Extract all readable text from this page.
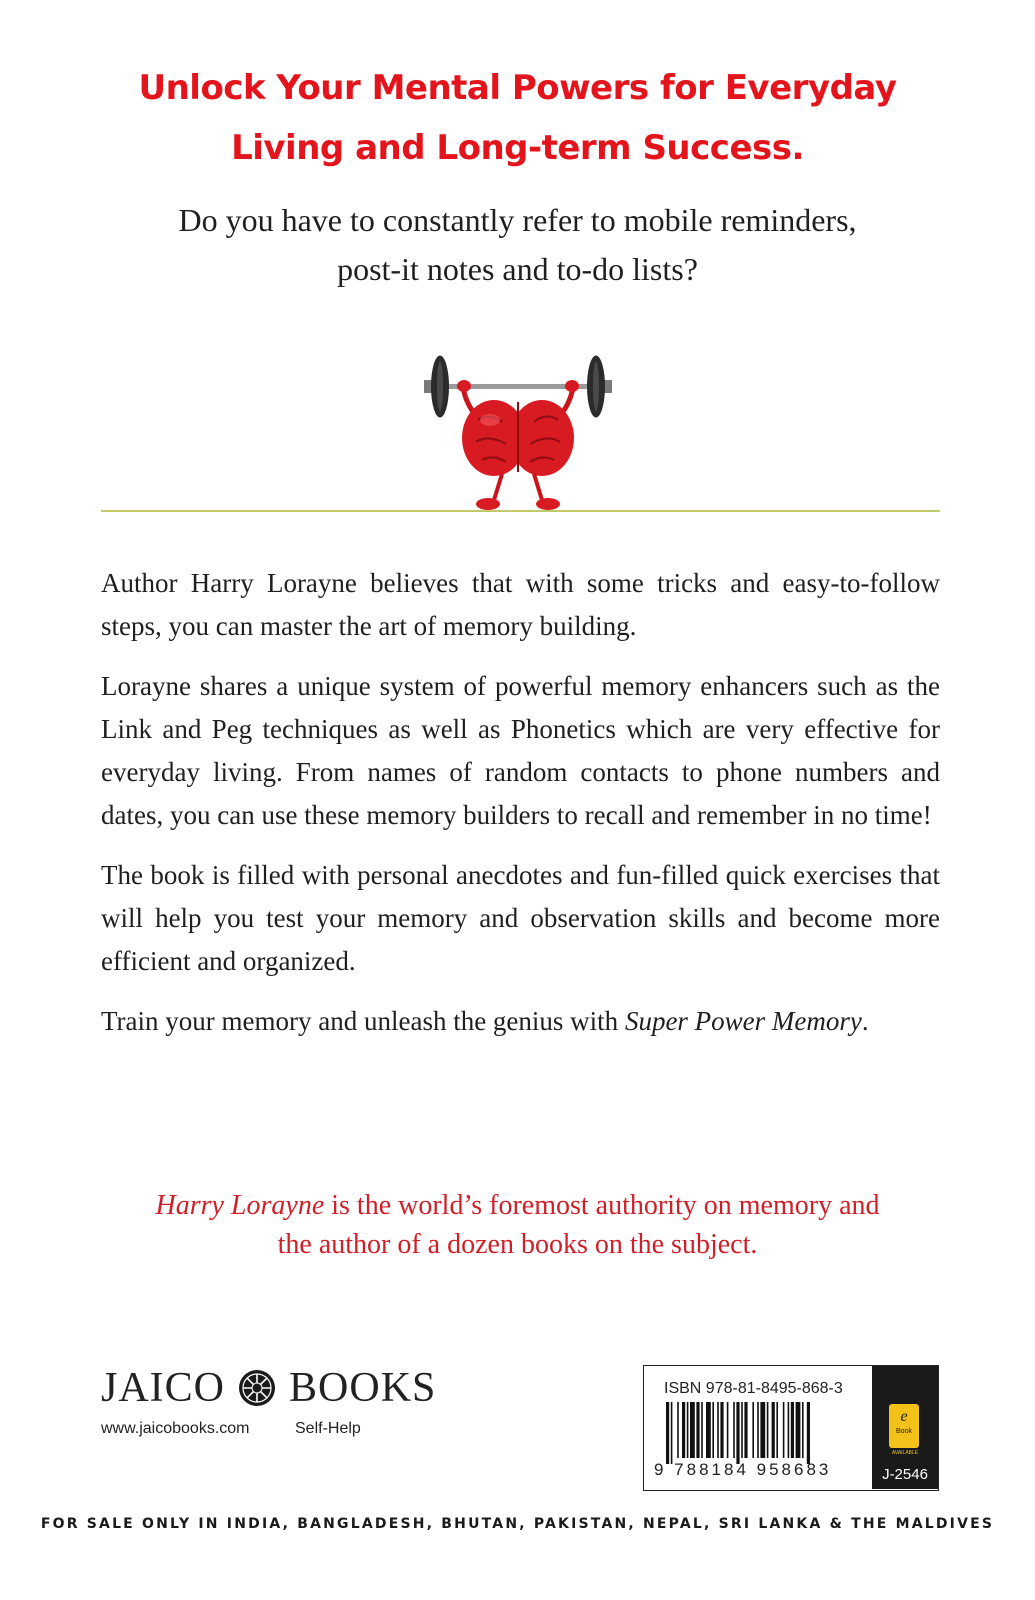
Unlock Your Mental Powers for Everyday
Living and Long-term Success.
Do you have to constantly refer to mobile reminders,
post-it notes and to-do lists?

Author Harry Lorayne believes that with some tricks and easy-to-follow steps, you can master the art of memory building.

Lorayne shares a unique system of powerful memory enhancers such as the Link and Peg techniques as well as Phonetics which are very effective for everyday living. From names of random contacts to phone numbers and dates, you can use these memory builders to recall and remember in no time!

The book is filled with personal anecdotes and fun-filled quick exercises that will help you test your memory and observation skills and become more efficient and organized.

Train your memory and unleash the genius with Super Power Memory.

Harry Lorayne is the world’s foremost authority on memory and
the author of a dozen books on the subject.
JAICO BOOKS
www.jaicobooks.com	Self-Help
ISBN 978-81-8495-868-3
9 788184 958683
e
Book
AVAILABLE
J-2546
FOR SALE ONLY IN INDIA, BANGLADESH, BHUTAN, PAKISTAN, NEPAL, SRI LANKA & THE MALDIVES
